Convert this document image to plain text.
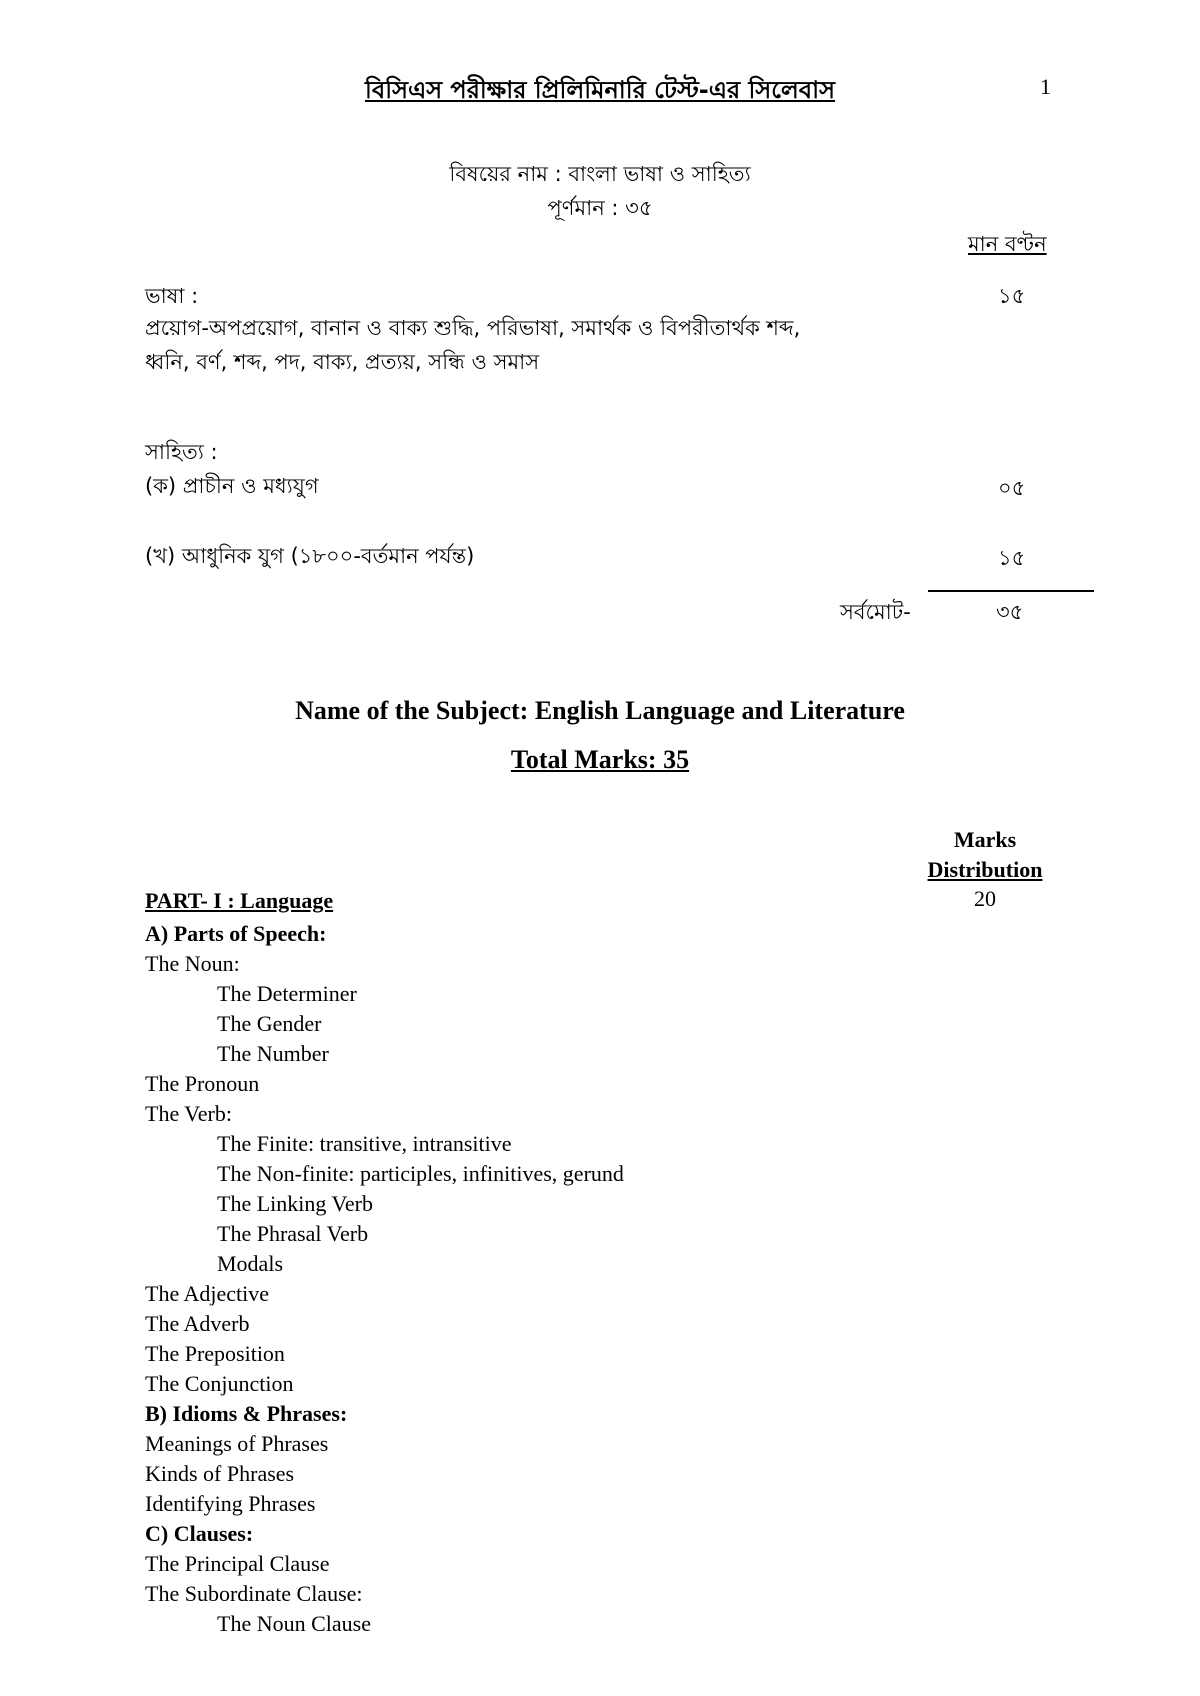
1
বিসিএস পরীক্ষার প্রিলিমিনারি টেস্ট-এর সিলেবাস
বিষয়ের নাম : বাংলা ভাষা ও সাহিত্য
পূর্ণমান : ৩৫
মান বণ্টন
ভাষা :	১৫
প্রয়োগ-অপপ্রয়োগ, বানান ও বাক্য শুদ্ধি, পরিভাষা, সমার্থক ও বিপরীতার্থক শব্দ,
ধ্বনি, বর্ণ, শব্দ, পদ, বাক্য, প্রত্যয়, সন্ধি ও সমাস
সাহিত্য :
(ক) প্রাচীন ও মধ্যযুগ	০৫
(খ) আধুনিক যুগ (১৮০০-বর্তমান পর্যন্ত)	১৫
সর্বমোট-	৩৫
Name of the Subject: English Language and Literature
Total Marks: 35
Marks
Distribution
PART- I : Language	20
A) Parts of Speech:
The Noun:
The Determiner
The Gender
The Number
The Pronoun
The Verb:
The Finite: transitive, intransitive
The Non-finite: participles, infinitives, gerund
The Linking Verb
The Phrasal Verb
Modals
The Adjective
The Adverb
The Preposition
The Conjunction
B) Idioms & Phrases:
Meanings of Phrases
Kinds of Phrases
Identifying Phrases
C) Clauses:
The Principal Clause
The Subordinate Clause:
The Noun Clause
